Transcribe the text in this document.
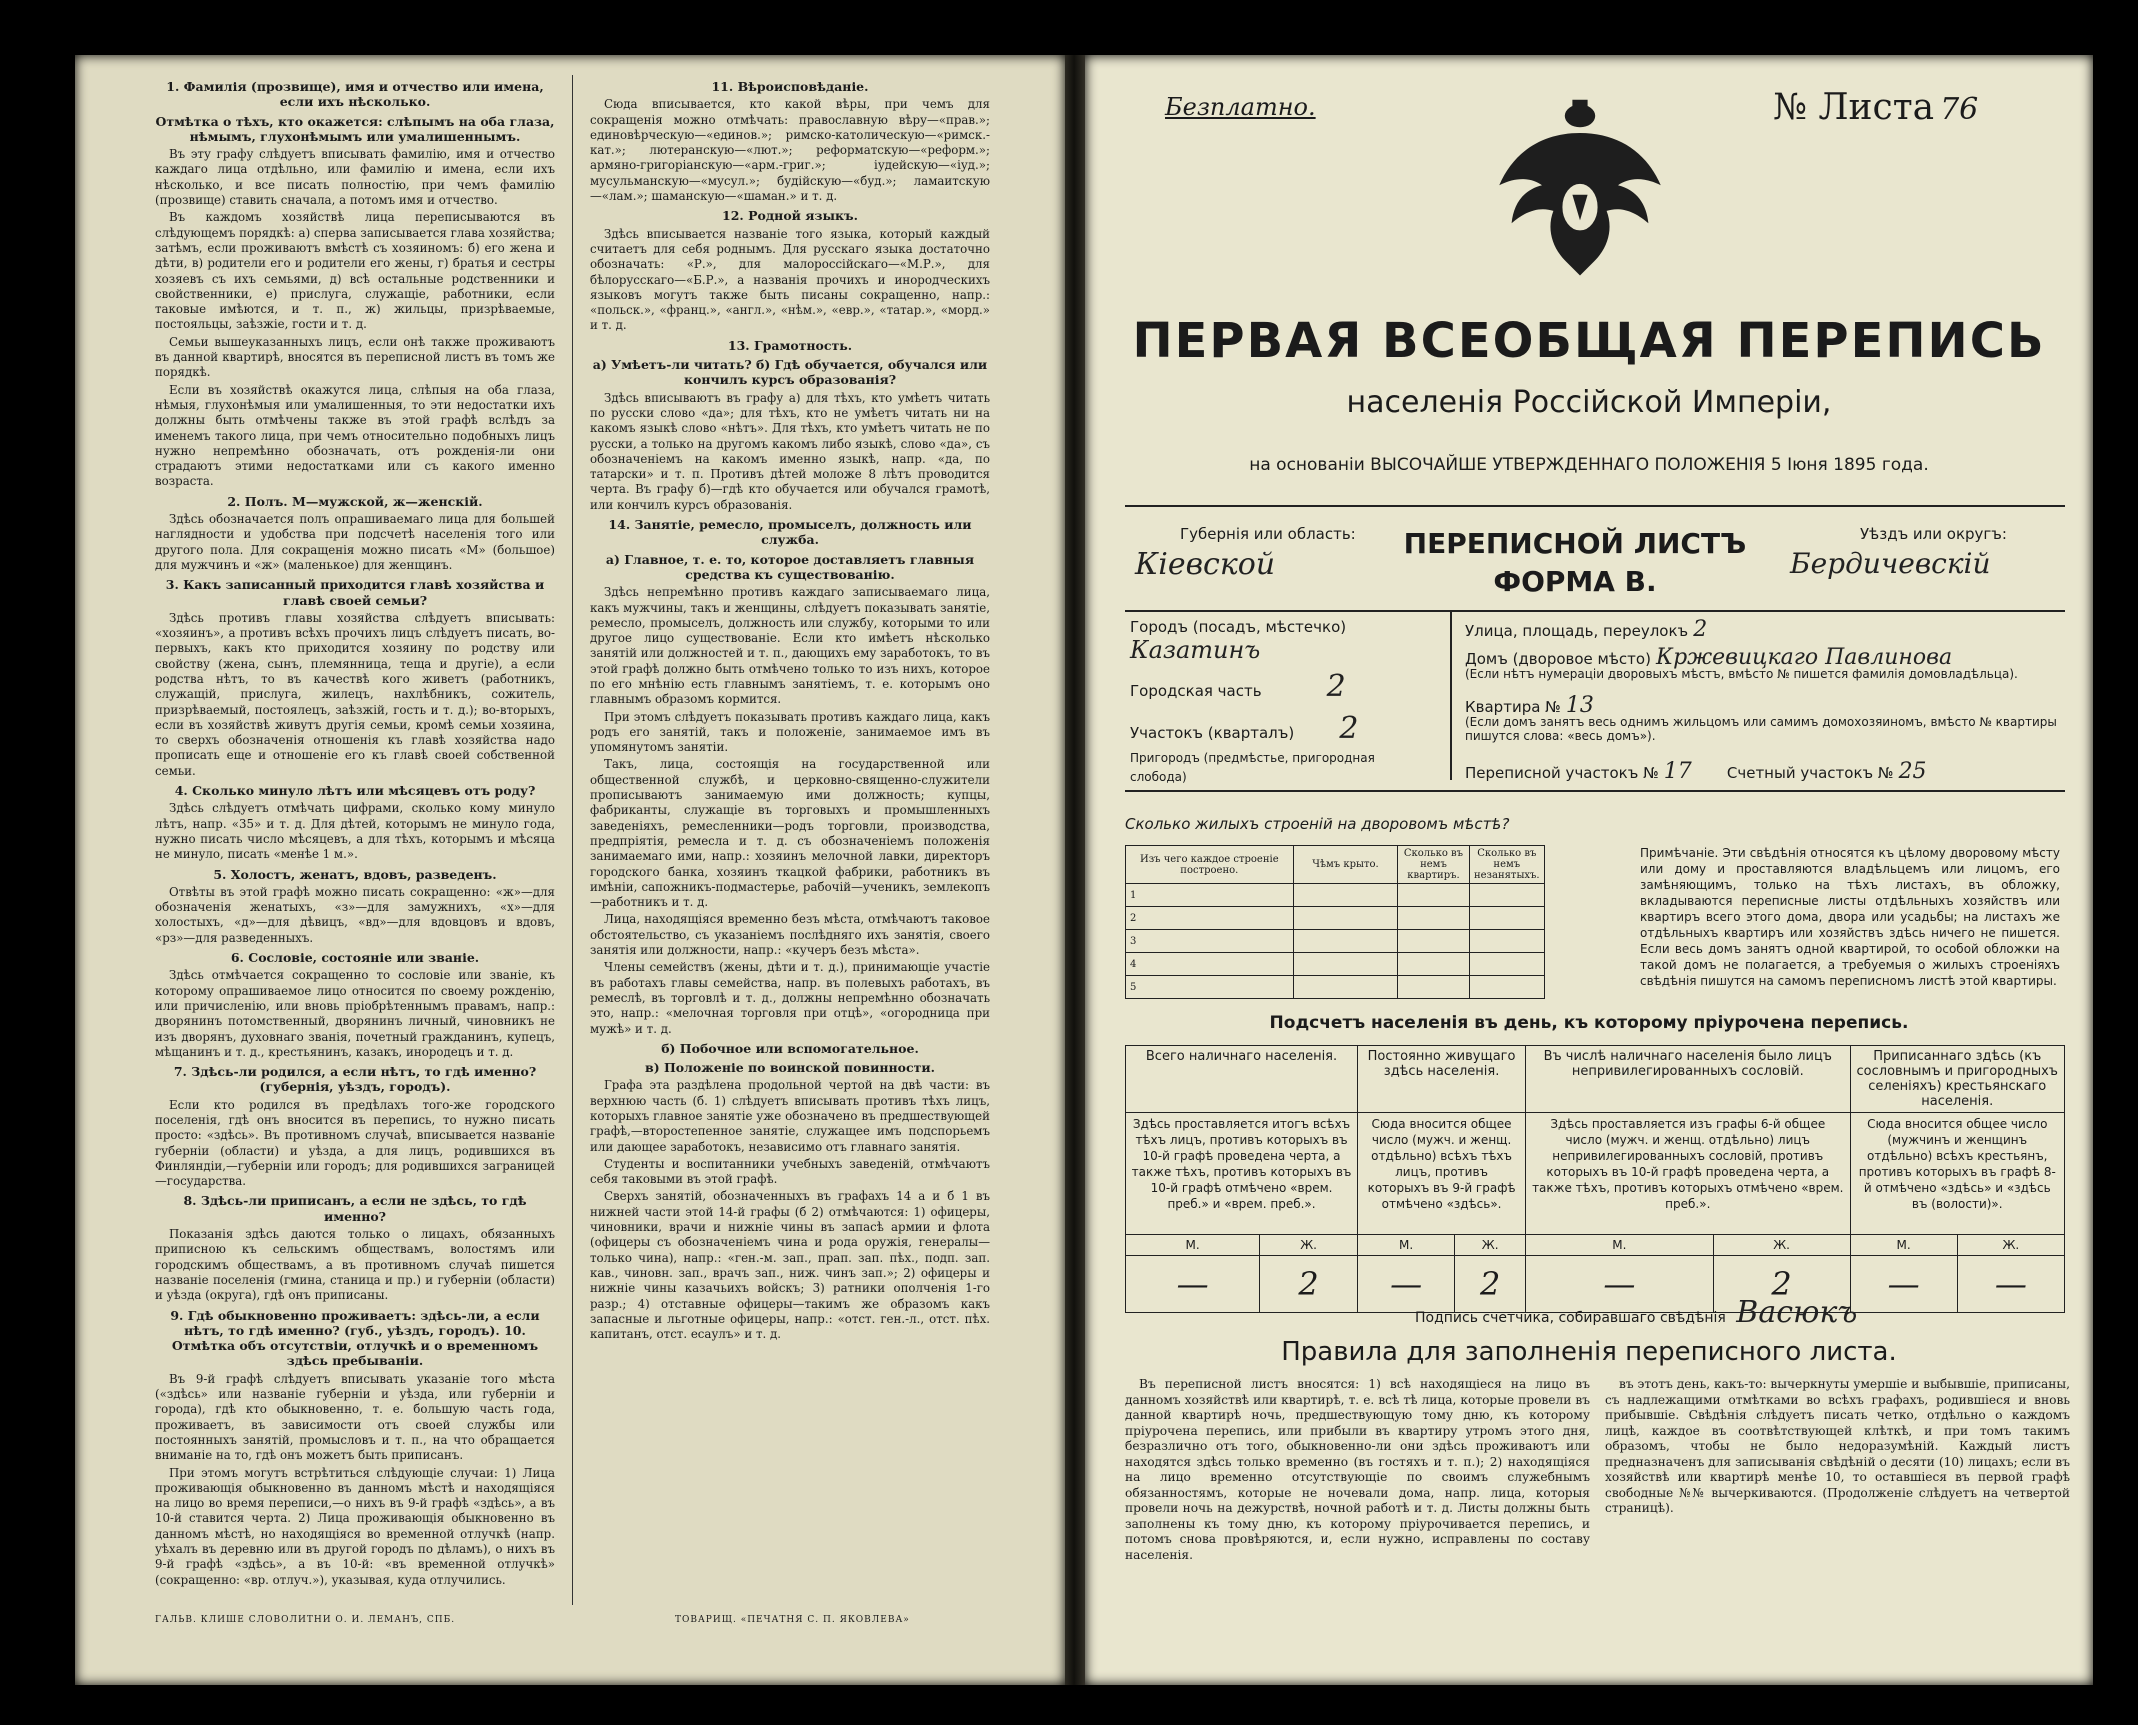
1. Фамилія (прозвище), имя и отчество или имена, если ихъ нѣсколько.
Отмѣтка о тѣхъ, кто окажется: слѣпымъ на оба глаза, нѣмымъ, глухонѣмымъ или умалишеннымъ.

Въ эту графу слѣдуетъ вписывать фамилію, имя и отчество каждаго лица отдѣльно, или фамилію и имена, если ихъ нѣсколько, и все писать полностію, при чемъ фамилію (прозвище) ставить сначала, а потомъ имя и отчество.

Въ каждомъ хозяйствѣ лица переписываются въ слѣдующемъ порядкѣ: а) сперва записывается глава хозяйства; затѣмъ, если проживаютъ вмѣстѣ съ хозяиномъ: б) его жена и дѣти, в) родители его и родители его жены, г) братья и сестры хозяевъ съ ихъ семьями, д) всѣ остальные родственники и свойственники, е) прислуга, служащіе, работники, если таковые имѣются, и т. п., ж) жильцы, призрѣваемые, постояльцы, заѣзжіе, гости и т. д.

Семьи вышеуказанныхъ лицъ, если онѣ также проживаютъ въ данной квартирѣ, вносятся въ переписной листъ въ томъ же порядкѣ.

Если въ хозяйствѣ окажутся лица, слѣпыя на оба глаза, нѣмыя, глухонѣмыя или умалишенныя, то эти недостатки ихъ должны быть отмѣчены также въ этой графѣ вслѣдъ за именемъ такого лица, при чемъ относительно подобныхъ лицъ нужно непремѣнно обозначать, отъ рожденія-ли они страдаютъ этими недостатками или съ какого именно возраста.

2. Полъ. М—мужской, ж—женскій.

Здѣсь обозначается полъ опрашиваемаго лица для большей наглядности и удобства при подсчетѣ населенія того или другого пола. Для сокращенія можно писать «М» (большое) для мужчинъ и «ж» (маленькое) для женщинъ.

3. Какъ записанный приходится главѣ хозяйства и главѣ своей семьи?

Здѣсь противъ главы хозяйства слѣдуетъ вписывать: «хозяинъ», а противъ всѣхъ прочихъ лицъ слѣдуетъ писать, во-первыхъ, какъ кто приходится хозяину по родству или свойству (жена, сынъ, племянница, теща и другіе), а если родства нѣтъ, то въ качествѣ кого живетъ (работникъ, служащій, прислуга, жилецъ, нахлѣбникъ, сожитель, призрѣваемый, постоялецъ, заѣзжій, гость и т. д.); во-вторыхъ, если въ хозяйствѣ живутъ другія семьи, кромѣ семьи хозяина, то сверхъ обозначенія отношенія къ главѣ хозяйства надо прописать еще и отношеніе его къ главѣ своей собственной семьи.

4. Сколько минуло лѣтъ или мѣсяцевъ отъ роду?

Здѣсь слѣдуетъ отмѣчать цифрами, сколько кому минуло лѣтъ, напр. «35» и т. д. Для дѣтей, которымъ не минуло года, нужно писать число мѣсяцевъ, а для тѣхъ, которымъ и мѣсяца не минуло, писать «менѣе 1 м.».

5. Холостъ, женатъ, вдовъ, разведенъ.

Отвѣты въ этой графѣ можно писать сокращенно: «ж»—для обозначенія женатыхъ, «з»—для замужнихъ, «х»—для холостыхъ, «д»—для дѣвицъ, «вд»—для вдовцовъ и вдовъ, «рз»—для разведенныхъ.

6. Сословіе, состояніе или званіе.

Здѣсь отмѣчается сокращенно то сословіе или званіе, къ которому опрашиваемое лицо относится по своему рожденію, или причисленію, или вновь пріобрѣтеннымъ правамъ, напр.: дворянинъ потомственный, дворянинъ личный, чиновникъ не изъ дворянъ, духовнаго званія, почетный гражданинъ, купецъ, мѣщанинъ и т. д., крестьянинъ, казакъ, инородецъ и т. д.

7. Здѣсь-ли родился, а если нѣтъ, то гдѣ именно? (губернія, уѣздъ, городъ).

Если кто родился въ предѣлахъ того-же городского поселенія, гдѣ онъ вносится въ перепись, то нужно писать просто: «здѣсь». Въ противномъ случаѣ, вписывается названіе губерніи (области) и уѣзда, а для лицъ, родившихся въ Финляндіи,—губерніи или городъ; для родившихся заграницей—государства.

8. Здѣсь-ли приписанъ, а если не здѣсь, то гдѣ именно?

Показанія здѣсь даются только о лицахъ, обязанныхъ приписною къ сельскимъ обществамъ, волостямъ или городскимъ обществамъ, а въ противномъ случаѣ пишется названіе поселенія (гмина, станица и пр.) и губерніи (области) и уѣзда (округа), гдѣ онъ приписаны.

9. Гдѣ обыкновенно проживаетъ: здѣсь-ли, а если нѣтъ, то гдѣ именно? (губ., уѣздъ, городъ). 10. Отмѣтка объ отсутствіи, отлучкѣ и о временномъ здѣсь пребываніи.

Въ 9-й графѣ слѣдуетъ вписывать указаніе того мѣста («здѣсь» или названіе губерніи и уѣзда, или губерніи и города), гдѣ кто обыкновенно, т. е. большую часть года, проживаетъ, въ зависимости отъ своей службы или постоянныхъ занятій, промысловъ и т. п., на что обращается вниманіе на то, гдѣ онъ можетъ быть приписанъ.

При этомъ могутъ встрѣтиться слѣдующіе случаи: 1) Лица проживающія обыкновенно въ данномъ мѣстѣ и находящіяся на лицо во время переписи,—о нихъ въ 9-й графѣ «здѣсь», а въ 10-й ставится черта. 2) Лица проживающія обыкновенно въ данномъ мѣстѣ, но находящіяся во временной отлучкѣ (напр. уѣхалъ въ деревню или въ другой городъ по дѣламъ), о нихъ въ 9-й графѣ «здѣсь», а въ 10-й: «въ временной отлучкѣ» (сокращенно: «вр. отлуч.»), указывая, куда отлучились.

11. Вѣроисповѣданіе.

Сюда вписывается, кто какой вѣры, при чемъ для сокращенія можно отмѣчать: православную вѣру—«прав.»; единовѣрческую—«единов.»; римско-католическую—«римск.-кат.»; лютеранскую—«лют.»; реформатскую—«реформ.»; армяно-григоріанскую—«арм.-григ.»; іудейскую—«іуд.»; мусульманскую—«мусул.»; будійскую—«буд.»; ламаитскую—«лам.»; шаманскую—«шаман.» и т. д.

12. Родной языкъ.

Здѣсь вписывается названіе того языка, который каждый считаетъ для себя роднымъ. Для русскаго языка достаточно обозначать: «Р.», для малороссійскаго—«М.Р.», для бѣлорусскаго—«Б.Р.», а названія прочихъ и инородческихъ языковъ могутъ также быть писаны сокращенно, напр.: «польск.», «франц.», «англ.», «нѣм.», «евр.», «татар.», «морд.» и т. д.

13. Грамотность.
а) Умѣетъ-ли читать? б) Гдѣ обучается, обучался или кончилъ курсъ образованія?

Здѣсь вписываютъ въ графу а) для тѣхъ, кто умѣетъ читать по русски слово «да»; для тѣхъ, кто не умѣетъ читать ни на какомъ языкѣ слово «нѣтъ». Для тѣхъ, кто умѣетъ читать не по русски, а только на другомъ какомъ либо языкѣ, слово «да», съ обозначеніемъ на какомъ именно языкѣ, напр. «да, по татарски» и т. п. Противъ дѣтей моложе 8 лѣтъ проводится черта. Въ графу б)—гдѣ кто обучается или обучался грамотѣ, или кончилъ курсъ образованія.

14. Занятіе, ремесло, промыселъ, должность или служба.
а) Главное, т. е. то, которое доставляетъ главныя средства къ существованію.

Здѣсь непремѣнно противъ каждаго записываемаго лица, какъ мужчины, такъ и женщины, слѣдуетъ показывать занятіе, ремесло, промыселъ, должность или службу, которыми то или другое лицо существованіе. Если кто имѣетъ нѣсколько занятій или должностей и т. п., дающихъ ему заработокъ, то въ этой графѣ должно быть отмѣчено только то изъ нихъ, которое по его мнѣнію есть главнымъ занятіемъ, т. е. которымъ оно главнымъ образомъ кормится.

При этомъ слѣдуетъ показывать противъ каждаго лица, какъ родъ его занятій, такъ и положеніе, занимаемое имъ въ упомянутомъ занятіи.

Такъ, лица, состоящія на государственной или общественной службѣ, и церковно-священно-служители прописываютъ занимаемую ими должность; купцы, фабриканты, служащіе въ торговыхъ и промышленныхъ заведеніяхъ, ремесленники—родъ торговли, производства, предпріятія, ремесла и т. д. съ обозначеніемъ положенія занимаемаго ими, напр.: хозяинъ мелочной лавки, директоръ городского банка, хозяинъ ткацкой фабрики, работникъ въ имѣніи, сапожникъ-подмастерье, рабочій—ученикъ, землекопъ—работникъ и т. д.

Лица, находящіяся временно безъ мѣста, отмѣчаютъ таковое обстоятельство, съ указаніемъ послѣдняго ихъ занятія, своего занятія или должности, напр.: «кучеръ безъ мѣста».

Члены семействъ (жены, дѣти и т. д.), принимающіе участіе въ работахъ главы семейства, напр. въ полевыхъ работахъ, въ ремеслѣ, въ торговлѣ и т. д., должны непремѣнно обозначать это, напр.: «мелочная торговля при отцѣ», «огородница при мужѣ» и т. д.

б) Побочное или вспомогательное.
в) Положеніе по воинской повинности.

Графа эта раздѣлена продольной чертой на двѣ части: въ верхнюю часть (б. 1) слѣдуетъ вписывать противъ тѣхъ лицъ, которыхъ главное занятіе уже обозначено въ предшествующей графѣ,—второстепенное занятіе, служащее имъ подспорьемъ или дающее заработокъ, независимо отъ главнаго занятія.

Студенты и воспитанники учебныхъ заведеній, отмѣчаютъ себя таковыми въ этой графѣ.

Сверхъ занятій, обозначенныхъ въ графахъ 14 а и б 1 въ нижней части этой 14-й графы (б 2) отмѣчаются: 1) офицеры, чиновники, врачи и нижніе чины въ запасѣ армии и флота (офицеры съ обозначеніемъ чина и рода оружія, генералы—только чина), напр.: «ген.-м. зап., прап. зап. пѣх., подп. зап. кав., чиновн. зап., врачъ зап., ниж. чинъ зап.»; 2) офицеры и нижніе чины казачьихъ войскъ; 3) ратники ополченія 1-го разр.; 4) отставные офицеры—такимъ же образомъ какъ запасные и льготные офицеры, напр.: «отст. ген.-л., отст. пѣх. капитанъ, отст. есаулъ» и т. д.

ГАЛЬВ. КЛИШЕ СЛОВОЛИТНИ О. И. ЛЕМАНЪ, СПБ.	ТОВАРИЩ. «ПЕЧАТНЯ С. П. ЯКОВЛЕВА»
Безплатно.	№ Листа 76
ПЕРВАЯ ВСЕОБЩАЯ ПЕРЕПИСЬ
населенія Россійской Имперіи,
на основаніи ВЫСОЧАЙШЕ УТВЕРЖДЕННАГО ПОЛОЖЕНІЯ 5 Іюня 1895 года.
Губернія или область:
Кіевской
ПЕРЕПИСНОЙ ЛИСТЪ
ФОРМА В.
Уѣздъ или округъ:
Бердичевскій
Городъ (посадъ, мѣстечко) Казатинъ
Городская часть 2
Участокъ (кварталъ) 2
Пригородъ (предмѣстье, пригородная слобода)
Улица, площадь, переулокъ 2
Домъ (дворовое мѣсто) Кржевицкаго Павлинова
(Если нѣтъ нумераціи дворовыхъ мѣстъ, вмѣсто № пишется фамилія домовладѣльца).
Квартира № 13
(Если домъ занятъ весь однимъ жильцомъ или самимъ домохозяиномъ, вмѣсто № квартиры пишутся слова: «весь домъ»).
Переписной участокъ № 17 Счетный участокъ № 25
Сколько жилыхъ строеній на дворовомъ мѣстѣ?
Изъ чего каждое строеніе построено.	Чѣмъ крыто.	Сколько въ немъ квартиръ.	Сколько въ немъ незанятыхъ.
1			
2			
3			
4			
5			
Примѣчаніе. Эти свѣдѣнія относятся къ цѣлому дворовому мѣсту или дому и проставляются владѣльцемъ или лицомъ, его замѣняющимъ, только на тѣхъ листахъ, въ обложку, вкладываются переписные листы отдѣльныхъ хозяйствъ или квартиръ всего этого дома, двора или усадьбы; на листахъ же отдѣльныхъ квартиръ или хозяйствъ здѣсь ничего не пишется. Если весь домъ занятъ одной квартирой, то особой обложки на такой домъ не полагается, а требуемыя о жилыхъ строеніяхъ свѣдѣнія пишутся на самомъ переписномъ листѣ этой квартиры.
Подсчетъ населенія въ день, къ которому пріурочена перепись.
Всего наличнаго населенія.		Постоянно живущаго здѣсь населенія.		Въ числѣ наличнаго населенія было лицъ непривилегированныхъ сословій.		Приписаннаго здѣсь (къ сословнымъ и пригородныхъ селеніяхъ) крестьянскаго населенія.	
Здѣсь проставляется итогъ всѣхъ тѣхъ лицъ, противъ которыхъ въ 10-й графѣ проведена черта, а также тѣхъ, противъ которыхъ въ 10-й графѣ отмѣчено «врем. преб.» и «врем. преб.».		Сюда вносится общее число (мужч. и женщ. отдѣльно) всѣхъ тѣхъ лицъ, противъ которыхъ въ 9-й графѣ отмѣчено «здѣсь».		Здѣсь проставляется изъ графы 6-й общее число (мужч. и женщ. отдѣльно) лицъ непривилегированныхъ сословій, противъ которыхъ въ 10-й графѣ проведена черта, а также тѣхъ, противъ которыхъ отмѣчено «врем. преб.».		Сюда вносится общее число (мужчинъ и женщинъ отдѣльно) всѣхъ крестьянъ, противъ которыхъ въ графѣ 8-й отмѣчено «здѣсь» и «здѣсь въ (волости)».	
М.	Ж.	М.	Ж.	М.	Ж.	М.	Ж.
—	2	—	2	—	2	—	—
Подпись счетчика, собиравшаго свѣдѣнія Васюкъ
Правила для заполненія переписного листа.

Въ переписной листъ вносятся: 1) всѣ находящіеся на лицо въ данномъ хозяйствѣ или квартирѣ, т. е. всѣ тѣ лица, которые провели въ данной квартирѣ ночь, предшествующую тому дню, къ которому пріурочена перепись, или прибыли въ квартиру утромъ этого дня, безразлично отъ того, обыкновенно-ли они здѣсь проживаютъ или находятся здѣсь только временно (въ гостяхъ и т. п.); 2) находящіяся на лицо временно отсутствующіе по своимъ служебнымъ обязанностямъ, которые не ночевали дома, напр. лица, которыя провели ночь на дежурствѣ, ночной работѣ и т. д. Листы должны быть заполнены къ тому дню, къ которому пріурочивается перепись, и потомъ снова провѣряются, и, если нужно, исправлены по составу населенія.

въ этотъ день, какъ-то: вычеркнуты умершіе и выбывшіе, приписаны, съ надлежащими отмѣтками во всѣхъ графахъ, родившіеся и вновь прибывшіе. Свѣдѣнія слѣдуетъ писать четко, отдѣльно о каждомъ лицѣ, каждое въ соотвѣтствующей клѣткѣ, и при томъ такимъ образомъ, чтобы не было недоразумѣній. Каждый листъ предназначенъ для записыванія свѣдѣній о десяти (10) лицахъ; если въ хозяйствѣ или квартирѣ менѣе 10, то оставшіеся въ первой графѣ свободные №№ вычеркиваются. (Продолженіе слѣдуетъ на четвертой страницѣ).
